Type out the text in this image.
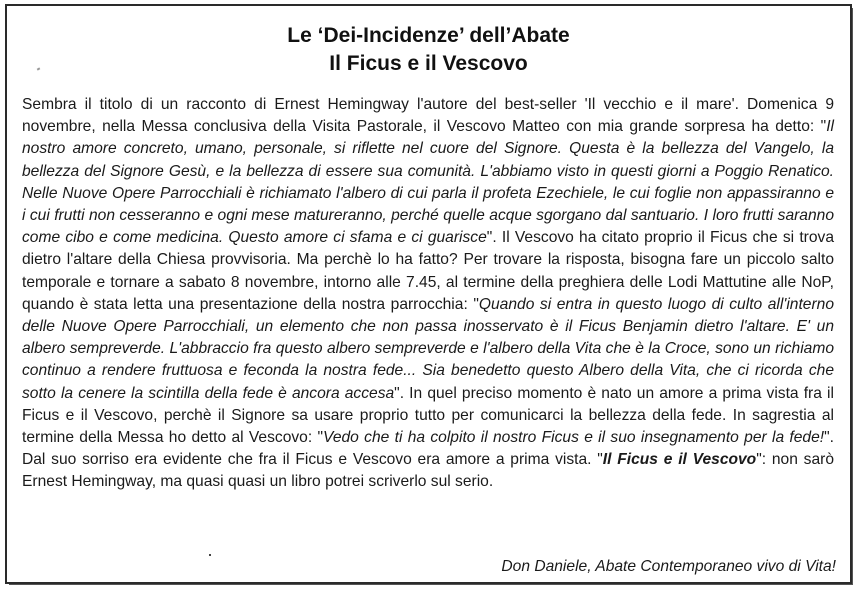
Le ‘Dei-Incidenze’ dell’Abate
Il Ficus e il Vescovo
Sembra il titolo di un racconto di Ernest Hemingway l'autore del best-seller 'Il vecchio e il mare'. Domenica 9 novembre, nella Messa conclusiva della Visita Pastorale, il Vescovo Matteo con mia grande sorpresa ha detto: "Il nostro amore concreto, umano, personale, si riflette nel cuore del Signore. Questa è la bellezza del Vangelo, la bellezza del Signore Gesù, e la bellezza di essere sua comunità. L'abbiamo visto in questi giorni a Poggio Renatico. Nelle Nuove Opere Parrocchiali è richiamato l'albero di cui parla il profeta Ezechiele, le cui foglie non appassiranno e i cui frutti non cesseranno e ogni mese matureranno, perché quelle acque sgorgano dal santuario. I loro frutti saranno come cibo e come medicina. Questo amore ci sfama e ci guarisce". Il Vescovo ha citato proprio il Ficus che si trova dietro l'altare della Chiesa provvisoria. Ma perchè lo ha fatto? Per trovare la risposta, bisogna fare un piccolo salto temporale e tornare a sabato 8 novembre, intorno alle 7.45, al termine della preghiera delle Lodi Mattutine alle NoP, quando è stata letta una presentazione della nostra parrocchia: "Quando si entra in questo luogo di culto all'interno delle Nuove Opere Parrocchiali, un elemento che non passa inosservato è il Ficus Benjamin dietro l'altare. E' un albero sempreverde. L'abbraccio fra questo albero sempreverde e l'albero della Vita che è la Croce, sono un richiamo continuo a rendere fruttuosa e feconda la nostra fede... Sia benedetto questo Albero della Vita, che ci ricorda che sotto la cenere la scintilla della fede è ancora accesa". In quel preciso momento è nato un amore a prima vista fra il Ficus e il Vescovo, perchè il Signore sa usare proprio tutto per comunicarci la bellezza della fede. In sagrestia al termine della Messa ho detto al Vescovo: "Vedo che ti ha colpito il nostro Ficus e il suo insegnamento per la fede!". Dal suo sorriso era evidente che fra il Ficus e Vescovo era amore a prima vista. "Il Ficus e il Vescovo": non sarò Ernest Hemingway, ma quasi quasi un libro potrei scriverlo sul serio.
Don Daniele, Abate Contemporaneo vivo di Vita!
